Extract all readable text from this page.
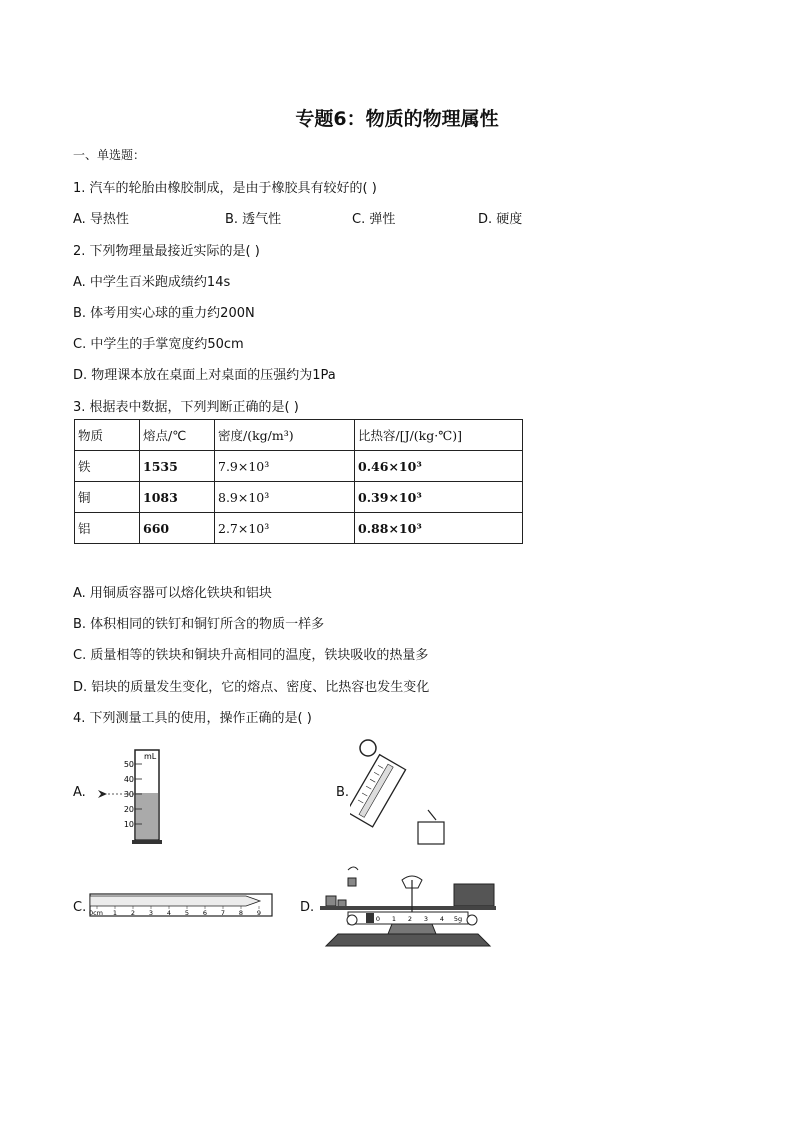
专题6：物质的物理属性
一、单选题：
1. 汽车的轮胎由橡胶制成，是由于橡胶具有较好的( )
A. 导热性	B. 透气性	C. 弹性	D. 硬度
2. 下列物理量最接近实际的是( )
A. 中学生百米跑成绩约14s
B. 体考用实心球的重力约200N
C. 中学生的手掌宽度约50cm
D. 物理课本放在桌面上对桌面的压强约为1Pa
3. 根据表中数据，下列判断正确的是( )
物质	熔点/℃	密度/(kg/m³)	比热容/[J/(kg·℃)]
铁	1535	7.9×10³	0.46×10³
铜	1083	8.9×10³	0.39×10³
铝	660	2.7×10³	0.88×10³
A. 用铜质容器可以熔化铁块和铝块
B. 体积相同的铁钉和铜钉所含的物质一样多
C. 质量相等的铁块和铜块升高相同的温度，铁块吸收的热量多
D. 铝块的质量发生变化，它的熔点、密度、比热容也发生变化
4. 下列测量工具的使用，操作正确的是( )
A.	B.
C.	D.
mL
50
40
30
20
10
0cm 1 2 3 4 5 6 7 8 9
0 1 2 3 4 5g
